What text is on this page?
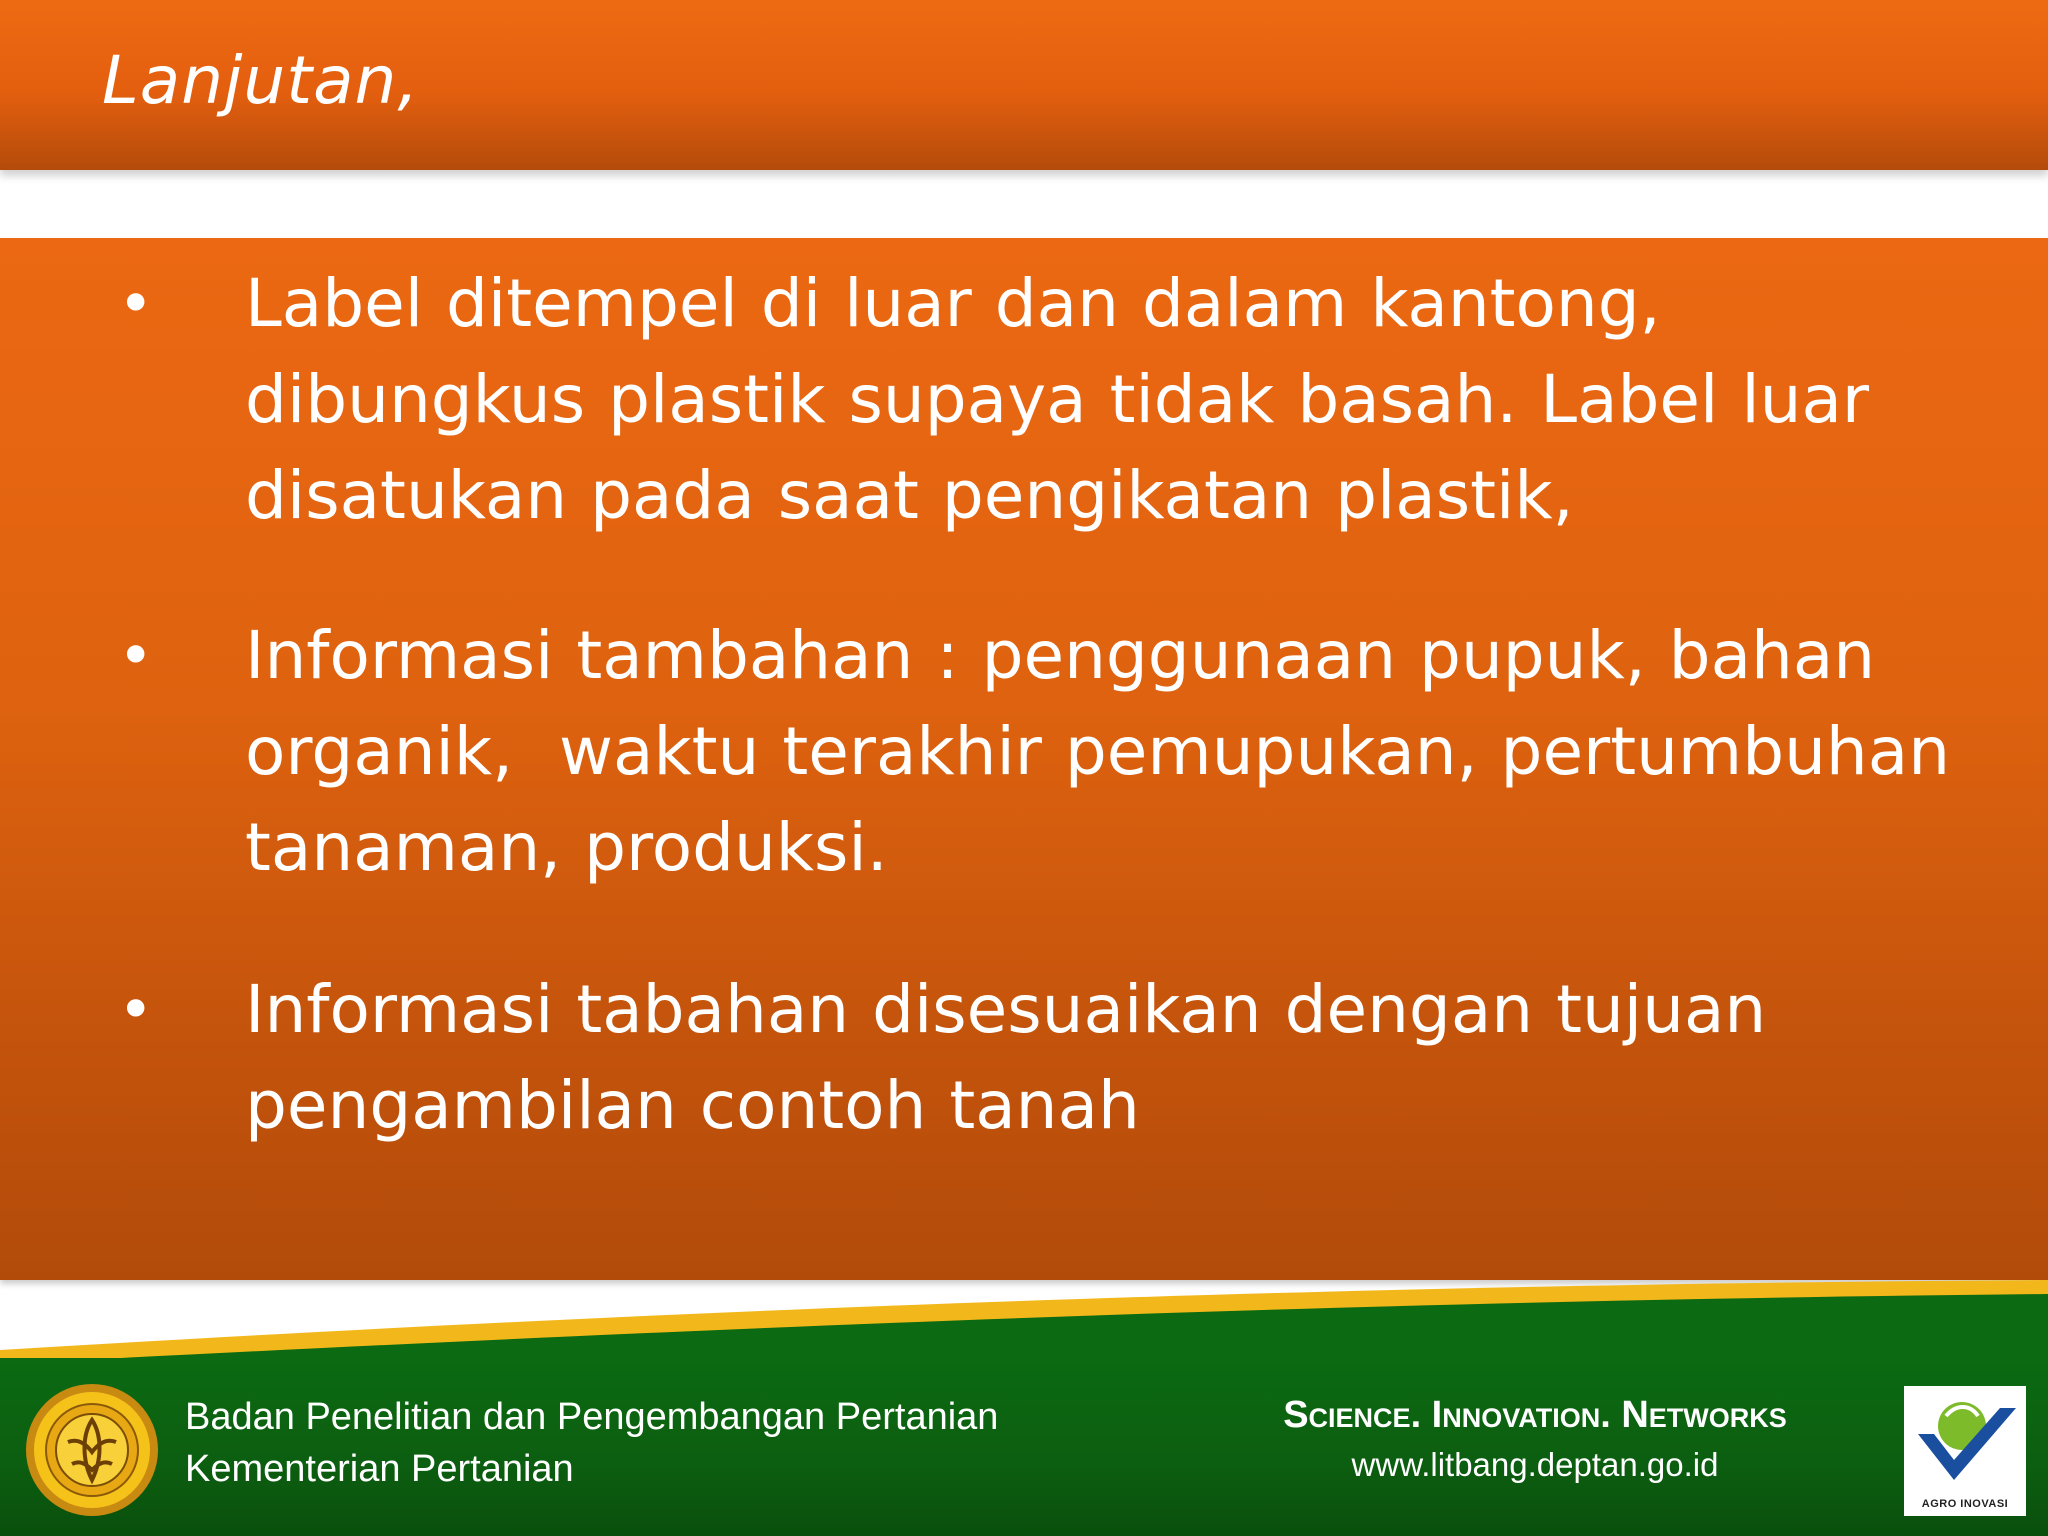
Lanjutan,
• Label ditempel di luar dan dalam kantong,   dibungkus plastik supaya tidak basah. Label luar disatukan pada saat pengikatan plastik,
• Informasi tambahan : penggunaan pupuk, bahan organik,  waktu terakhir pemupukan, pertumbuhan tanaman, produksi.
• Informasi tabahan disesuaikan dengan tujuan pengambilan contoh tanah
Badan Penelitian dan Pengembangan Pertanian
Kementerian Pertanian
Science. Innovation. Networks
www.litbang.deptan.go.id
AGRO INOVASI
